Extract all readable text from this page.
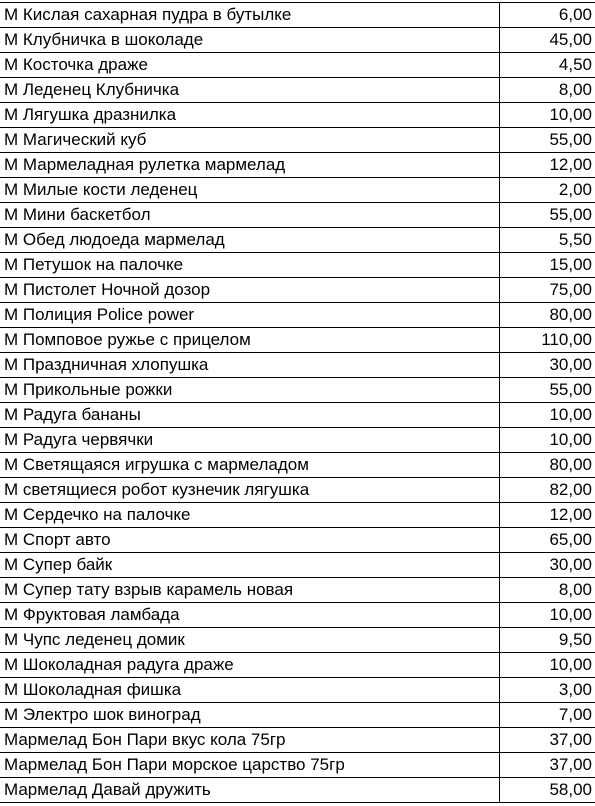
М Кислая сахарная пудра в бутылке	6,00
М Клубничка в шоколаде	45,00
М Косточка драже	4,50
М Леденец Клубничка	8,00
М Лягушка дразнилка	10,00
М Магический куб	55,00
М Мармеладная рулетка мармелад	12,00
М Милые кости леденец	2,00
М Мини баскетбол	55,00
М Обед людоеда мармелад	5,50
М Петушок на палочке	15,00
М Пистолет Ночной дозор	75,00
М Полиция Police power	80,00
М Помповое ружье с прицелом	110,00
М Праздничная хлопушка	30,00
М Прикольные рожки	55,00
М Радуга бананы	10,00
М Радуга червячки	10,00
М Светящаяся игрушка с мармеладом	80,00
М светящиеся робот кузнечик лягушка	82,00
М Сердечко на палочке	12,00
М Спорт авто	65,00
М Супер байк	30,00
М Супер тату взрыв карамель новая	8,00
М Фруктовая ламбада	10,00
М Чупс леденец домик	9,50
М Шоколадная радуга драже	10,00
М Шоколадная фишка	3,00
М Электро шок виноград	7,00
Мармелад Бон Пари вкус кола 75гр	37,00
Мармелад Бон Пари морское царство 75гр	37,00
Мармелад Давай дружить	58,00
